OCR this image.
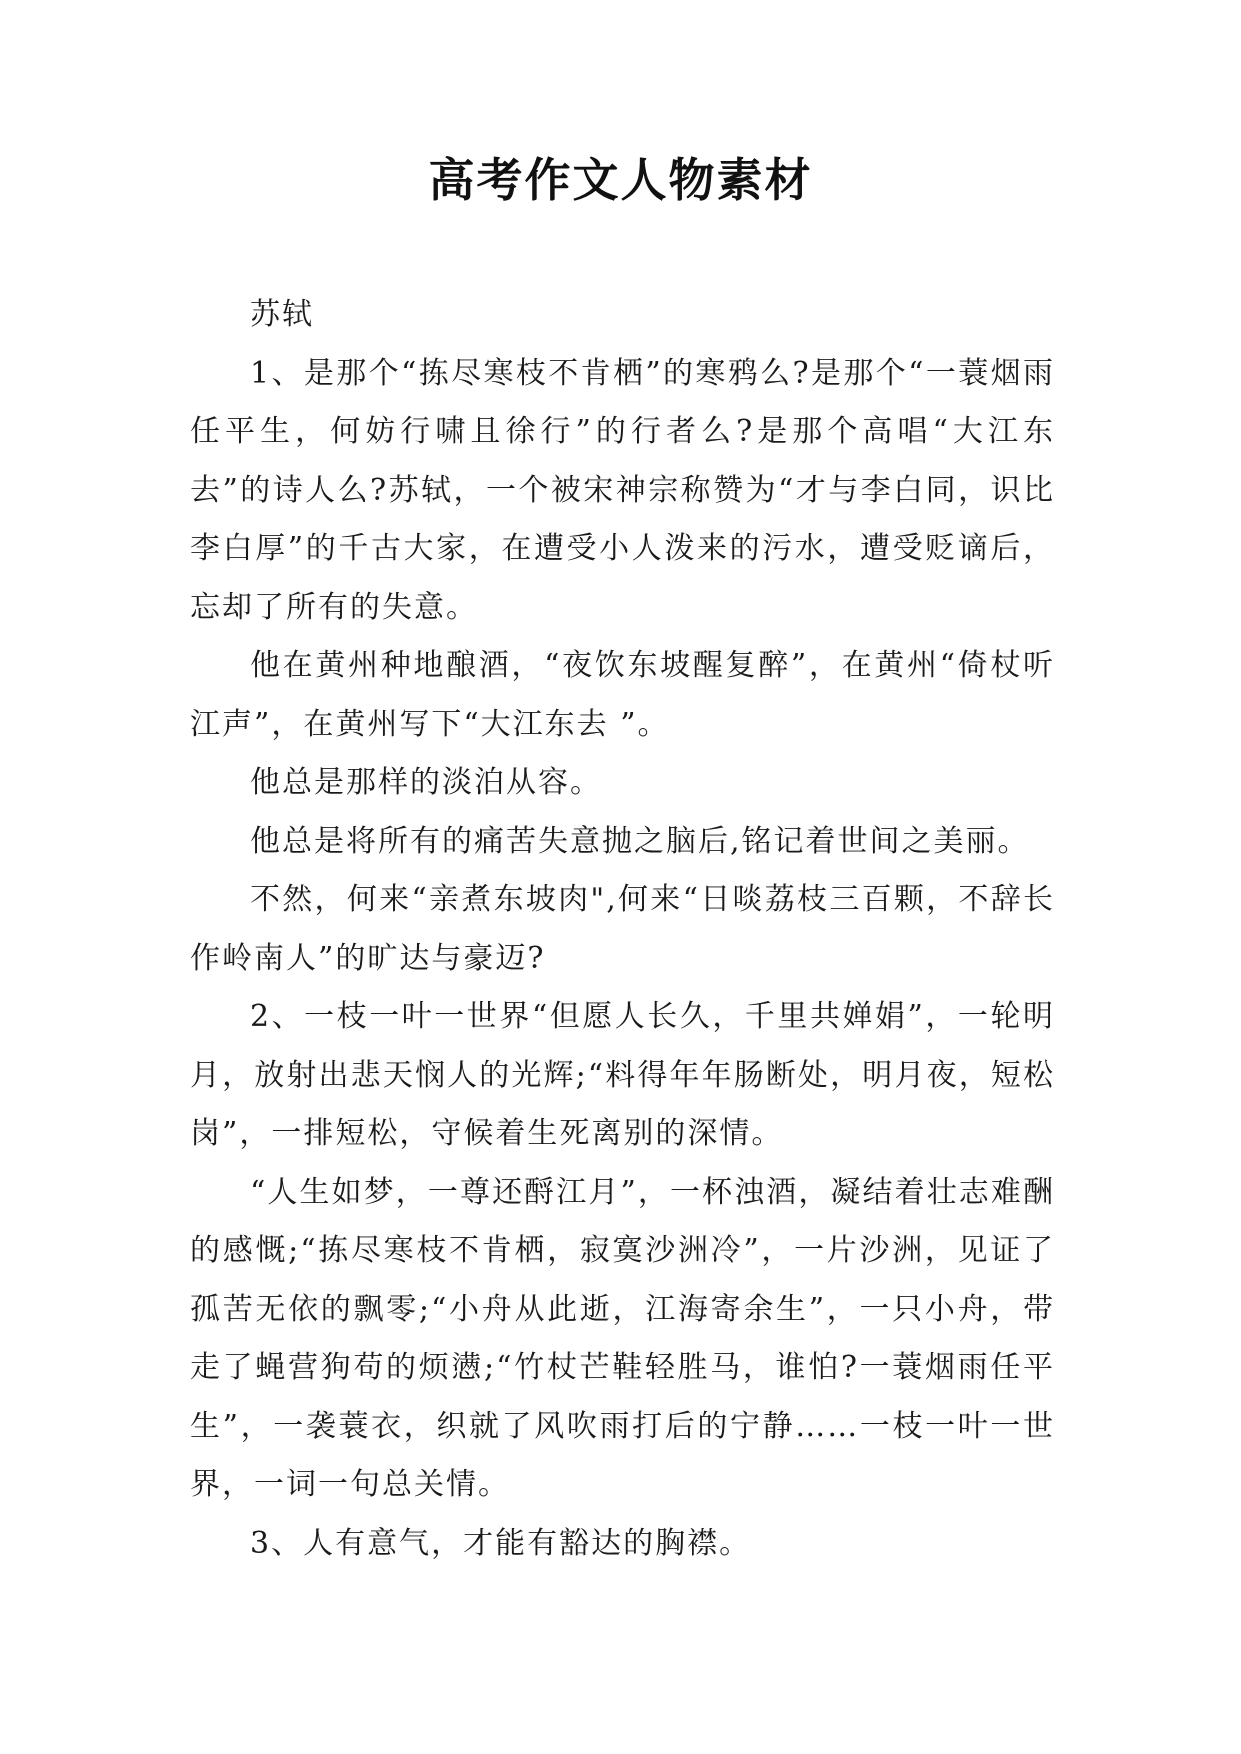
高考作文人物素材

苏轼

1、是那个“拣尽寒枝不肯栖”的寒鸦么?是那个“一蓑烟雨任平生，何妨行啸且徐行”的行者么?是那个高唱“大江东去”的诗人么?苏轼，一个被宋神宗称赞为“才与李白同，识比李白厚”的千古大家，在遭受小人泼来的污水，遭受贬谪后，忘却了所有的失意。

他在黄州种地酿酒，“夜饮东坡醒复醉”，在黄州“倚杖听江声”，在黄州写下“大江东去 ”。

他总是那样的淡泊从容。

他总是将所有的痛苦失意抛之脑后,铭记着世间之美丽。

不然，何来“亲煮东坡肉",何来“日啖荔枝三百颗，不辞长作岭南人”的旷达与豪迈?

2、一枝一叶一世界“但愿人长久，千里共婵娟”，一轮明月，放射出悲天悯人的光辉;“料得年年肠断处，明月夜，短松岗”，一排短松，守候着生死离别的深情。

“人生如梦，一尊还酹江月”，一杯浊酒，凝结着壮志难酬的感慨;“拣尽寒枝不肯栖，寂寞沙洲冷”，一片沙洲，见证了孤苦无依的飘零;“小舟从此逝，江海寄余生”，一只小舟，带走了蝇营狗苟的烦懑;“竹杖芒鞋轻胜马，谁怕?一蓑烟雨任平生”，一袭蓑衣，织就了风吹雨打后的宁静……一枝一叶一世界，一词一句总关情。

3、人有意气，才能有豁达的胸襟。
